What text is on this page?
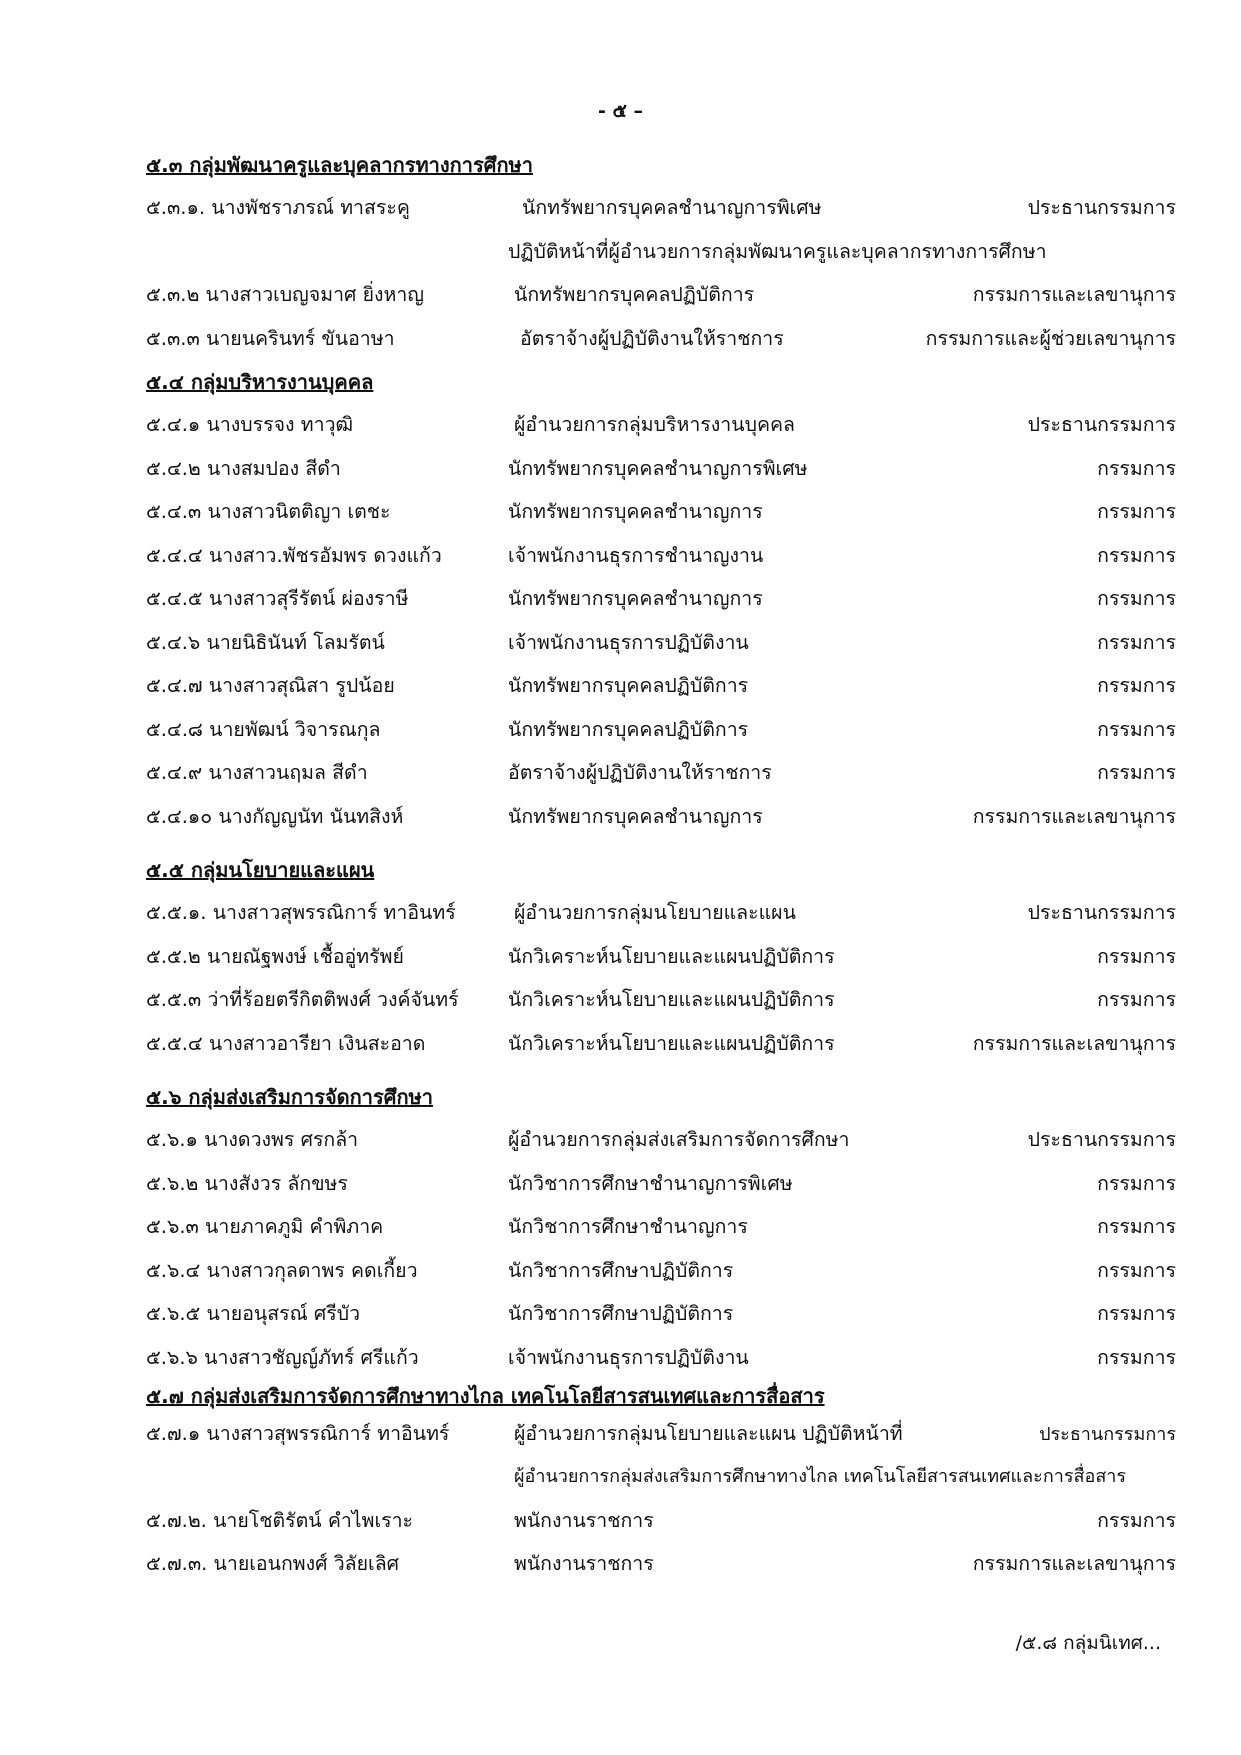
- ๕ –
๕.๓ กลุ่มพัฒนาครูและบุคลากรทางการศึกษา
๕.๓.๑. นางพัชราภรณ์ ทาสระคู	นักทรัพยากรบุคคลชำนาญการพิเศษ	ประธานกรรมการ
ปฏิบัติหน้าที่ผู้อำนวยการกลุ่มพัฒนาครูและบุคลากรทางการศึกษา
๕.๓.๒ นางสาวเบญจมาศ ยิ่งหาญ	นักทรัพยากรบุคคลปฏิบัติการ	กรรมการและเลขานุการ
๕.๓.๓ นายนครินทร์ ขันอาษา	อัตราจ้างผู้ปฏิบัติงานให้ราชการ	กรรมการและผู้ช่วยเลขานุการ
๕.๔ กลุ่มบริหารงานบุคคล
๕.๔.๑ นางบรรจง ทาวุฒิ	ผู้อำนวยการกลุ่มบริหารงานบุคคล	ประธานกรรมการ
๕.๔.๒ นางสมปอง สีดำ	นักทรัพยากรบุคคลชำนาญการพิเศษ	กรรมการ
๕.๔.๓ นางสาวนิตติญา เตชะ	นักทรัพยากรบุคคลชำนาญการ	กรรมการ
๕.๔.๔ นางสาว.พัชรอัมพร ดวงแก้ว	เจ้าพนักงานธุรการชำนาญงาน	กรรมการ
๕.๔.๕ นางสาวสุรีรัตน์ ผ่องราษี	นักทรัพยากรบุคคลชำนาญการ	กรรมการ
๕.๔.๖ นายนิธินันท์ โลมรัตน์	เจ้าพนักงานธุรการปฏิบัติงาน	กรรมการ
๕.๔.๗ นางสาวสุณิสา รูปน้อย	นักทรัพยากรบุคคลปฏิบัติการ	กรรมการ
๕.๔.๘ นายพัฒน์ วิจารณกุล	นักทรัพยากรบุคคลปฏิบัติการ	กรรมการ
๕.๔.๙ นางสาวนฤมล สีดำ	อัตราจ้างผู้ปฏิบัติงานให้ราชการ	กรรมการ
๕.๔.๑๐ นางกัญญนัท นันทสิงห์	นักทรัพยากรบุคคลชำนาญการ	กรรมการและเลขานุการ
๕.๕ กลุ่มนโยบายและแผน
๕.๕.๑. นางสาวสุพรรณิการ์ ทาอินทร์	ผู้อำนวยการกลุ่มนโยบายและแผน	ประธานกรรมการ
๕.๕.๒ นายณัฐพงษ์ เชื้ออู่ทรัพย์	นักวิเคราะห์นโยบายและแผนปฏิบัติการ	กรรมการ
๕.๕.๓ ว่าที่ร้อยตรีกิตติพงศ์ วงค์จันทร์	นักวิเคราะห์นโยบายและแผนปฏิบัติการ	กรรมการ
๕.๕.๔ นางสาวอารียา เงินสะอาด	นักวิเคราะห์นโยบายและแผนปฏิบัติการ	กรรมการและเลขานุการ
๕.๖ กลุ่มส่งเสริมการจัดการศึกษา
๕.๖.๑ นางดวงพร ศรกล้า	ผู้อำนวยการกลุ่มส่งเสริมการจัดการศึกษา	ประธานกรรมการ
๕.๖.๒ นางสังวร ลักขษร	นักวิชาการศึกษาชำนาญการพิเศษ	กรรมการ
๕.๖.๓ นายภาคภูมิ คำพิภาค	นักวิชาการศึกษาชำนาญการ	กรรมการ
๕.๖.๔ นางสาวกุลดาพร คดเกี้ยว	นักวิชาการศึกษาปฏิบัติการ	กรรมการ
๕.๖.๕ นายอนุสรณ์ ศรีบัว	นักวิชาการศึกษาปฏิบัติการ	กรรมการ
๕.๖.๖ นางสาวชัญญ์ภัทร์ ศรีแก้ว	เจ้าพนักงานธุรการปฏิบัติงาน	กรรมการ
๕.๗ กลุ่มส่งเสริมการจัดการศึกษาทางไกล เทคโนโลยีสารสนเทศและการสื่อสาร
๕.๗.๑ นางสาวสุพรรณิการ์ ทาอินทร์	ผู้อำนวยการกลุ่มนโยบายและแผน ปฏิบัติหน้าที่	ประธานกรรมการ
ผู้อำนวยการกลุ่มส่งเสริมการศึกษาทางไกล เทคโนโลยีสารสนเทศและการสื่อสาร
๕.๗.๒. นายโชติรัตน์ คำไพเราะ	พนักงานราชการ	กรรมการ
๕.๗.๓. นายเอนกพงศ์ วิลัยเลิศ	พนักงานราชการ	กรรมการและเลขานุการ
/๕.๘ กลุ่มนิเทศ...
